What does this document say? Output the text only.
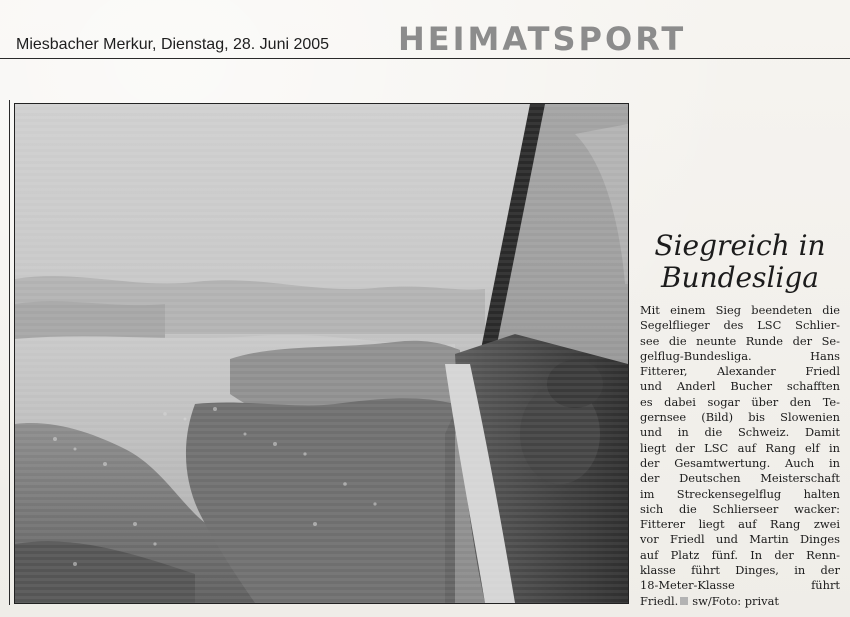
Miesbacher Merkur, Dienstag, 28. Juni 2005 HEIMATSPORT
Siegreich in
Bundesliga
Mit einem Sieg beendeten die
Segelflieger des LSC Schlier-
see die neunte Runde der Se-
gelflug-Bundesliga. Hans
Fitterer, Alexander Friedl
und Anderl Bucher schafften
es dabei sogar über den Te-
gernsee (Bild) bis Slowenien
und in die Schweiz. Damit
liegt der LSC auf Rang elf in
der Gesamtwertung. Auch in
der Deutschen Meisterschaft
im Streckensegelflug halten
sich die Schlierseer wacker:
Fitterer liegt auf Rang zwei
vor Friedl und Martin Dinges
auf Platz fünf. In der Renn-
klasse führt Dinges, in der
18-Meter-Klasse führt
Friedl. sw/Foto: privat
